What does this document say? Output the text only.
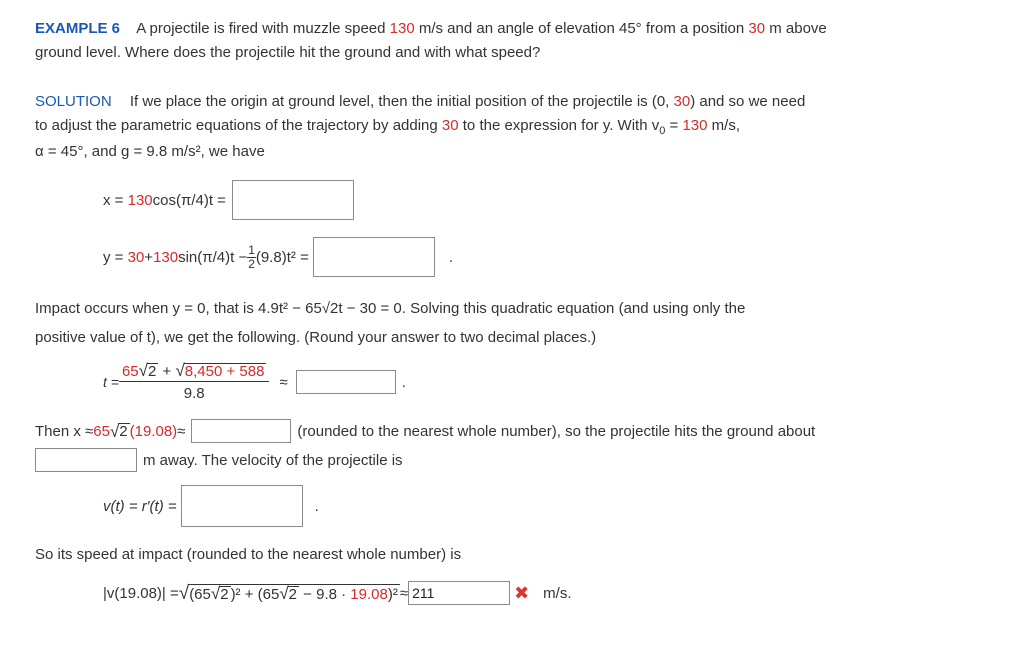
EXAMPLE 6 A projectile is fired with muzzle speed 130 m/s and an angle of elevation 45° from a position 30 m above
ground level. Where does the projectile hit the ground and with what speed?
SOLUTION If we place the origin at ground level, then the initial position of the projectile is (0, 30) and so we need
to adjust the parametric equations of the trajectory by adding 30 to the expression for y. With $v_0 = 130$ m/s,
α = 45°, and g = 9.8 m/s², we have
x =
130 cos(π/4)t =
y =
30 + 130 $\sin(\pi/4)t - \frac{1}{2} (9.8)t^2$ =	.
Impact occurs when y = 0, that is 4.9t² − 65√2t − 30 = 0. Solving this quadratic equation (and using only the
positive value of t), we get the following. (Round your answer to two decimal places.)
$t = \frac{65√2 + √8,450 + 588}{9.8}$ ≈	.
Then x ≈ 65 √ 2 (19.08) ≈	(rounded to the nearest whole number), so the projectile hits the ground about
m away. The velocity of the projectile is
v(t) = r′(t) =	.
So its speed at impact (rounded to the nearest whole number) is
|v(19.08)| = √ (65√2 )² + (65√2 − 9.8 · 19.08)² ≈
211	✖ m/s.
